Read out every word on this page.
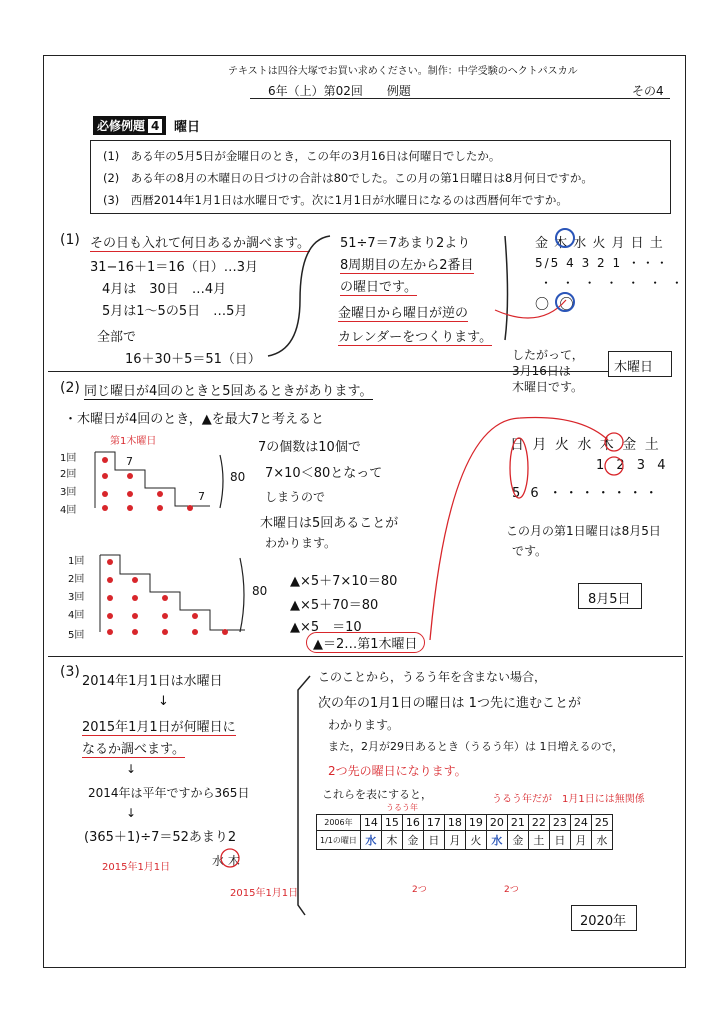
テキストは四谷大塚でお買い求めください。制作：中学受験のヘクトパスカル
6年（上）第02回　　例題	その4
必修例題 4	曜日
(1)　ある年の5月5日が金曜日のとき，この年の3月16日は何曜日でしたか。
(2)　ある年の8月の木曜日の日づけの合計は80でした。この月の第1日曜日は8月何日ですか。
(3)　西暦2014年1月1日は水曜日です。次に1月1日が水曜日になるのは西暦何年ですか。
(1) その日も入れて何日あるか調べます。
31−16＋1＝16（日）…3月
4月は　30日　…4月
5月は1〜5の5日　…5月
全部で
16＋30＋5＝51（日）
51÷7＝7あまり2より
8周期目の左から2番目
の曜日です。
金曜日から曜日が逆の
カレンダーをつくります。
金 木 水 火 月 日 土
5/5 4 3 2 1 ・・・
・ ・ ・ ・ ・ ・ ・
〇 〇
したがって，
3月16日は
木曜日です。
木曜日
(2) 同じ曜日が4回のときと5回あるときがあります。
・木曜日が4回のとき，▲を最大7と考えると
第1木曜日
1回
2回
3回
4回
80
7
7
7の個数は10個で
7×10＜80となって
しまうので
木曜日は5回あることが
わかります。
1回
2回
3回
4回
5回
80
▲×5＋7×10＝80
▲×5＋70＝80
▲×5　＝10
▲＝2…第1木曜日
日 月 火 水 木 金 土
1 2 3 4
5 6 ・・・・・・・
この月の第1日曜日は8月5日
です。
8月5日
(3)
2014年1月1日は水曜日
↓
2015年1月1日が何曜日に
なるか調べます。
↓
2014年は平年ですから365日
↓
(365＋1)÷7＝52あまり2
2015年1月1日	水 木
2015年1月1日
このことから，うるう年を含まない場合，
次の年の1月1日の曜日は 1つ先に進むことが
わかります。
また，2月が29日あるとき（うるう年）は 1日増えるので，
2つ先の曜日になります。
これらを表にすると，
うるう年
うるう年だが　1月1日には無関係
2006年	14	15	16	17	18	19	20	21	22	23	24	25
1/1の曜日	水	木	金	日	月	火	水	金	土	日	月	水
2つ	2つ
2020年
